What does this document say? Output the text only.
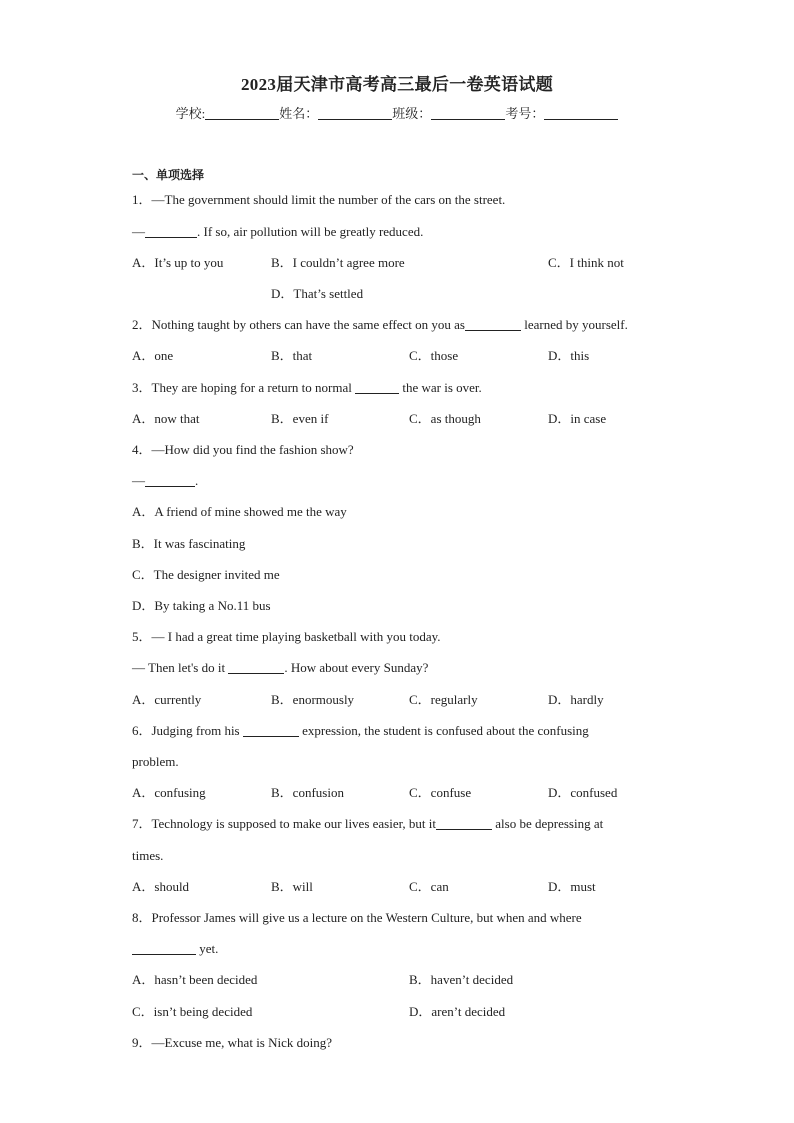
2023届天津市高考高三最后一卷英语试题
学校:	姓名：	班级：	考号：
一、单项选择
1．—The government should limit the number of the cars on the street.
—	. If so, air pollution will be greatly reduced.
A．It’s up to you	B．I couldn’t agree more	C．I think not
D．That’s settled
2．Nothing taught by others can have the same effect on you as	learned by yourself.
A．one	B．that	C．those	D．this
3．They are hoping for a return to normal	the war is over.
A．now that	B．even if	C．as though	D．in case
4．—How did you find the fashion show?
—	.
A．A friend of mine showed me the way
B．It was fascinating
C．The designer invited me
D．By taking a No.11 bus
5．— I had a great time playing basketball with you today.
— Then let's do it	. How about every Sunday?
A．currently	B．enormously	C．regularly	D．hardly
6．Judging from his	expression, the student is confused about the confusing
problem.
A．confusing	B．confusion	C．confuse	D．confused
7．Technology is supposed to make our lives easier, but it	also be depressing at
times.
A．should	B．will	C．can	D．must
8．Professor James will give us a lecture on the Western Culture, but when and where
yet.
A．hasn’t been decided	B．haven’t decided
C．isn’t being decided	D．aren’t decided
9．—Excuse me, what is Nick doing?
